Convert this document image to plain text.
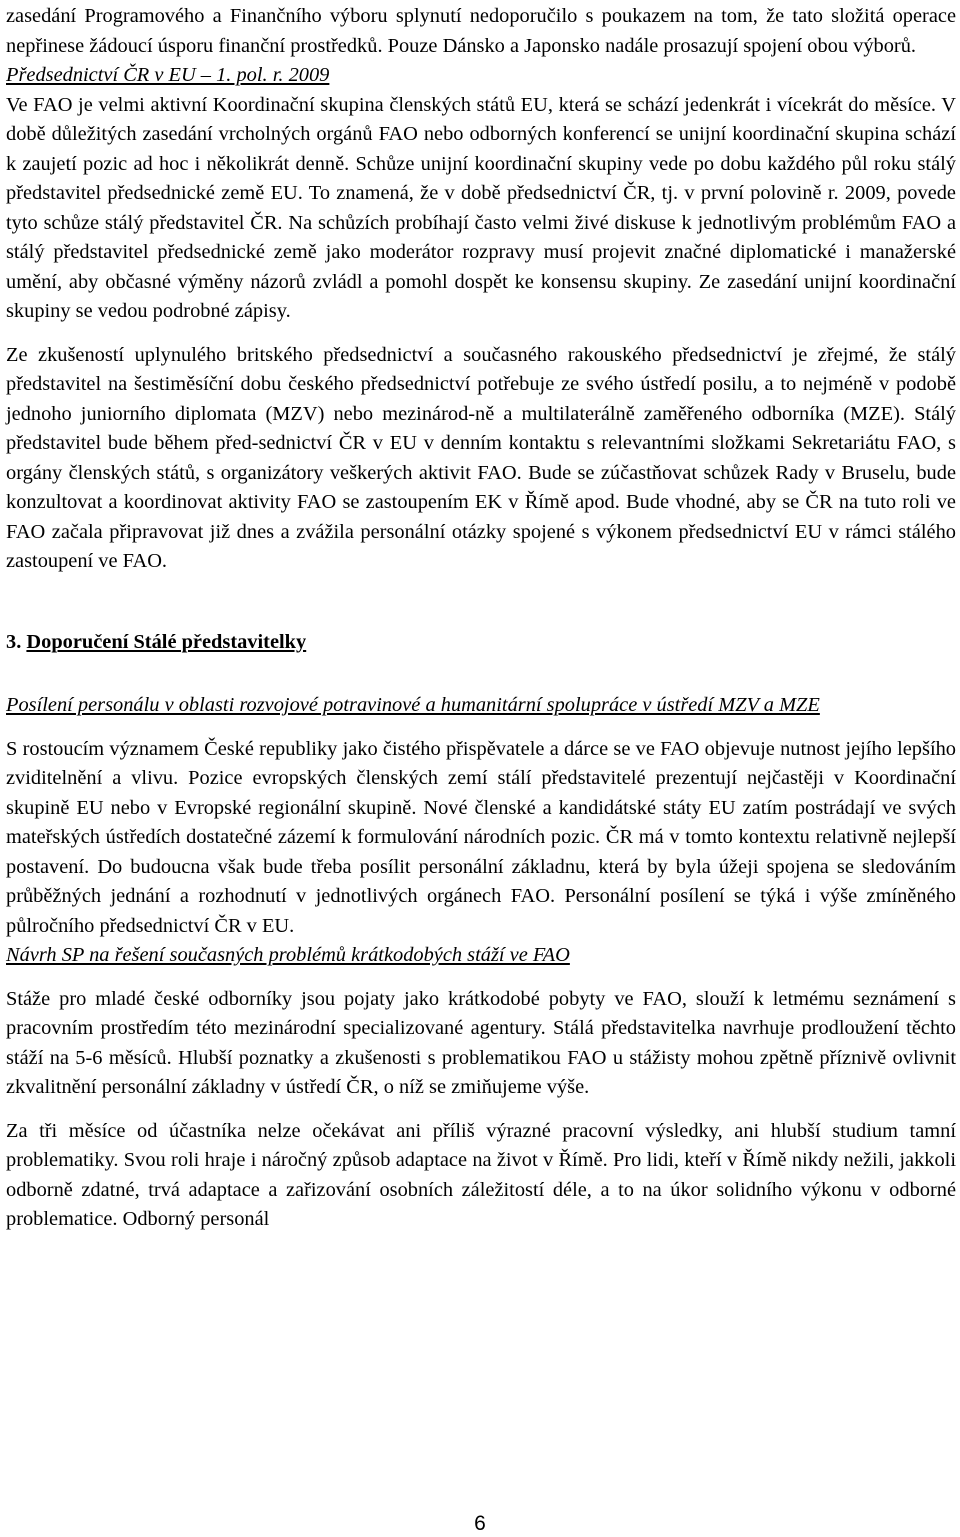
zasedání Programového a Finančního výboru splynutí nedoporučilo s poukazem na tom, že tato složitá operace nepřinese žádoucí úsporu finanční prostředků. Pouze Dánsko a Japonsko nadále prosazují spojení obou výborů.

Předsednictví ČR v EU – 1. pol. r. 2009

Ve FAO je velmi aktivní Koordinační skupina členských států EU, která se schází jedenkrát i vícekrát do měsíce. V době důležitých zasedání vrcholných orgánů FAO nebo odborných konferencí se unijní koordinační skupina schází k zaujetí pozic ad hoc i několikrát denně. Schůze unijní koordinační skupiny vede po dobu každého půl roku stálý představitel předsednické země EU. To znamená, že v době předsednictví ČR, tj. v první polovině r. 2009, povede tyto schůze stálý představitel ČR. Na schůzích probíhají často velmi živé diskuse k jednotlivým problémům FAO a stálý představitel předsednické země jako moderátor rozpravy musí projevit značné diplomatické i manažerské umění, aby občasné výměny názorů zvládl a pomohl dospět ke konsensu skupiny. Ze zasedání unijní koordinační skupiny se vedou podrobné zápisy.

Ze zkušeností uplynulého britského předsednictví a současného rakouského předsednictví je zřejmé, že stálý představitel na šestiměsíční dobu českého předsednictví potřebuje ze svého ústředí posilu, a to nejméně v podobě jednoho juniorního diplomata (MZV) nebo mezinárod-ně a multilaterálně zaměřeného odborníka (MZE). Stálý představitel bude během před-sednictví ČR v EU v denním kontaktu s relevantními složkami Sekretariátu FAO, s orgány členských států, s organizátory veškerých aktivit FAO. Bude se zúčastňovat schůzek Rady v Bruselu, bude konzultovat a koordinovat aktivity FAO se zastoupením EK v Římě apod. Bude vhodné, aby se ČR na tuto roli ve FAO začala připravovat již dnes a zvážila personální otázky spojené s výkonem předsednictví EU v rámci stálého zastoupení ve FAO.

3. Doporučení Stálé představitelky

Posílení personálu v oblasti rozvojové potravinové a humanitární spolupráce v ústředí MZV a MZE

S rostoucím významem České republiky jako čistého přispěvatele a dárce se ve FAO objevuje nutnost jejího lepšího zviditelnění a vlivu. Pozice evropských členských zemí stálí představitelé prezentují nejčastěji v Koordinační skupině EU nebo v Evropské regionální skupině. Nové členské a kandidátské státy EU zatím postrádají ve svých mateřských ústředích dostatečné zázemí k formulování národních pozic. ČR má v tomto kontextu relativně nejlepší postavení. Do budoucna však bude třeba posílit personální základnu, která by byla úžeji spojena se sledováním průběžných jednání a rozhodnutí v jednotlivých orgánech FAO. Personální posílení se týká i výše zmíněného půlročního předsednictví ČR v EU.

Návrh SP na řešení současných problémů krátkodobých stáží ve FAO

Stáže pro mladé české odborníky jsou pojaty jako krátkodobé pobyty ve FAO, slouží k letmému seznámení s pracovním prostředím této mezinárodní specializované agentury. Stálá představitelka navrhuje prodloužení těchto stáží na 5-6 měsíců. Hlubší poznatky a zkušenosti s problematikou FAO u stážisty mohou zpětně příznivě ovlivnit zkvalitnění personální základny v ústředí ČR, o níž se zmiňujeme výše.

Za tři měsíce od účastníka nelze očekávat ani příliš výrazné pracovní výsledky, ani hlubší studium tamní problematiky. Svou roli hraje i náročný způsob adaptace na život v Římě. Pro lidi, kteří v Římě nikdy nežili, jakkoli odborně zdatné, trvá adaptace a zařizování osobních záležitostí déle, a to na úkor solidního výkonu v odborné problematice. Odborný personál

6
